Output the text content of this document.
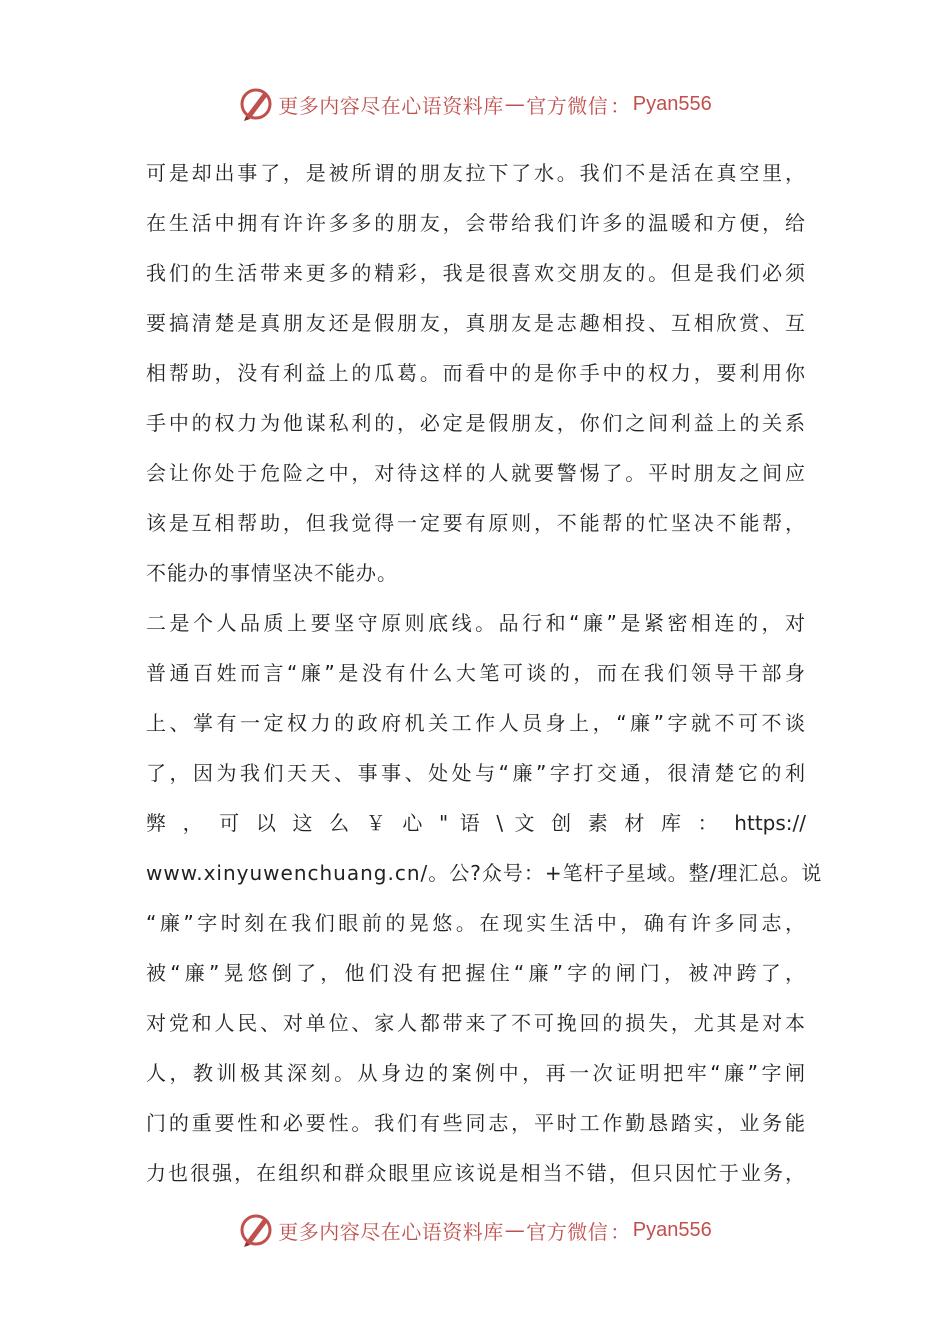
更多内容尽在心语资料库 — 官方微信 ： Pyan556
可是却出事了，是被所谓的朋友拉下了水。我们不是活在真空里，
在生活中拥有许许多多的朋友，会带给我们许多的温暖和方便，给
我们的生活带来更多的精彩，我是很喜欢交朋友的。但是我们必须
要搞清楚是真朋友还是假朋友，真朋友是志趣相投、互相欣赏、互
相帮助，没有利益上的瓜葛。而看中的是你手中的权力，要利用你
手中的权力为他谋私利的，必定是假朋友，你们之间利益上的关系
会让你处于危险之中，对待这样的人就要警惕了。平时朋友之间应
该是互相帮助，但我觉得一定要有原则，不能帮的忙坚决不能帮，
不能办的事情坚决不能办。
二是个人品质上要坚守原则底线。品行和“廉”是紧密相连的，对
普通百姓而言“廉”是没有什么大笔可谈的，而在我们领导干部身
上、掌有一定权力的政府机关工作人员身上，“廉”字就不可不谈
了，因为我们天天、事事、处处与“廉”字打交通，很清楚它的利
弊 ， 可 以 这 么 ￥ 心 " 语 \ 文 创 素 材 库 ： https://
www.xinyuwenchuang.cn/。公?众号：+笔杆子星域。整/理汇总。说
“廉”字时刻在我们眼前的晃悠。在现实生活中，确有许多同志，
被“廉”晃悠倒了，他们没有把握住“廉”字的闸门，被冲跨了，
对党和人民、对单位、家人都带来了不可挽回的损失，尤其是对本
人，教训极其深刻。从身边的案例中，再一次证明把牢“廉”字闸
门的重要性和必要性。我们有些同志，平时工作勤恳踏实，业务能
力也很强，在组织和群众眼里应该说是相当不错，但只因忙于业务，
更多内容尽在心语资料库 — 官方微信 ： Pyan556
